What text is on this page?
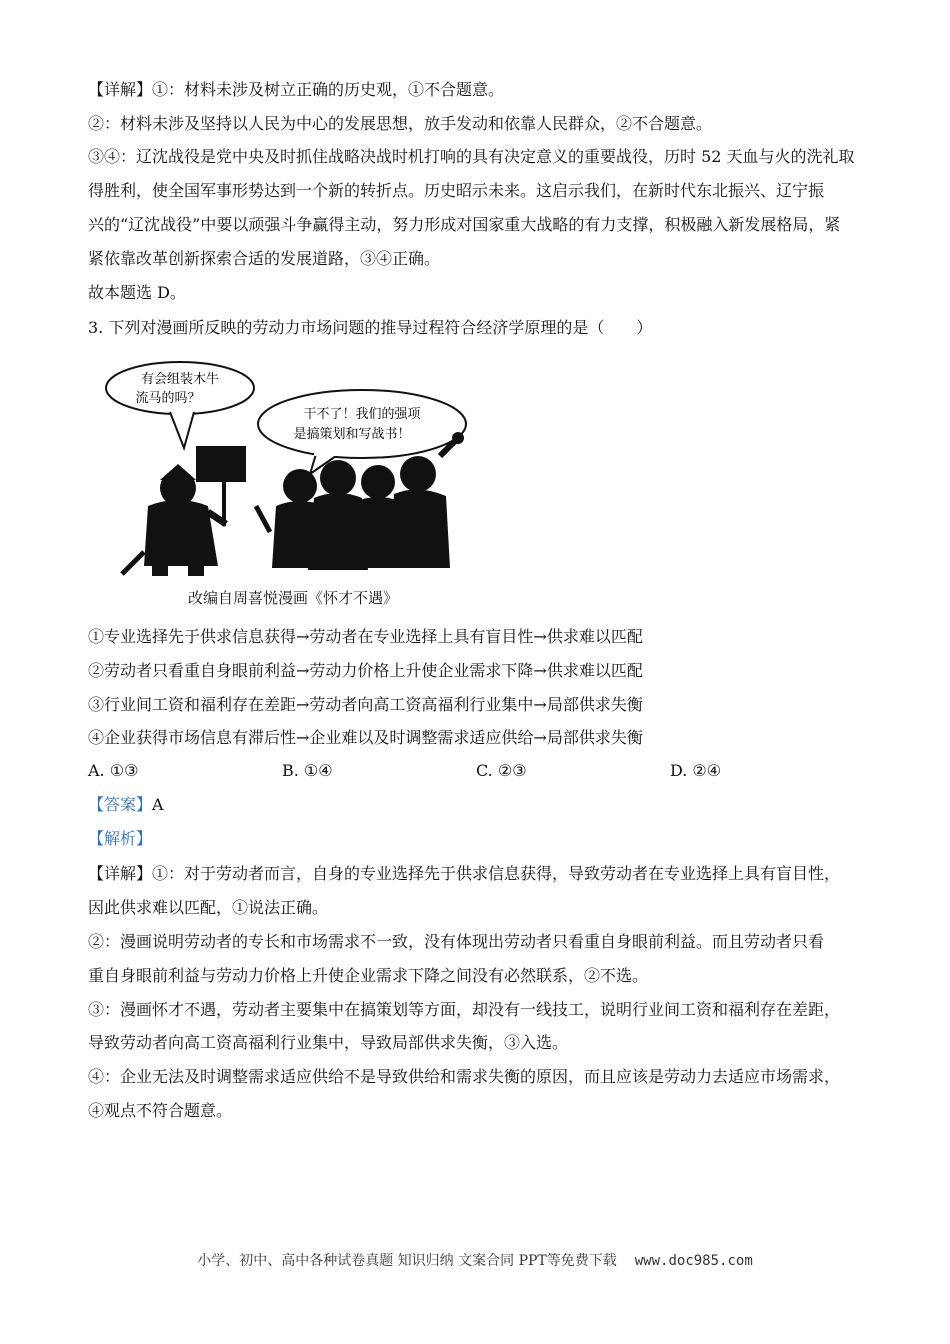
【详解】①：材料未涉及树立正确的历史观，①不合题意。
②：材料未涉及坚持以人民为中心的发展思想，放手发动和依靠人民群众，②不合题意。
③④：辽沈战役是党中央及时抓住战略决战时机打响的具有决定意义的重要战役，历时 52 天血与火的洗礼取
得胜利，使全国军事形势达到一个新的转折点。历史昭示未来。这启示我们，在新时代东北振兴、辽宁振
兴的“辽沈战役”中要以顽强斗争赢得主动，努力形成对国家重大战略的有力支撑，积极融入新发展格局，紧
紧依靠改革创新探索合适的发展道路，③④正确。
故本题选 D。
3. 下列对漫画所反映的劳动力市场问题的推导过程符合经济学原理的是（　　）
有会组装木牛
流马的吗？
干不了！我们的强项
是搞策划和写战书！
改编自周喜悦漫画《怀才不遇》
①专业选择先于供求信息获得→劳动者在专业选择上具有盲目性→供求难以匹配
②劳动者只看重自身眼前利益→劳动力价格上升使企业需求下降→供求难以匹配
③行业间工资和福利存在差距→劳动者向高工资高福利行业集中→局部供求失衡
④企业获得市场信息有滞后性→企业难以及时调整需求适应供给→局部供求失衡
A. ①③	B. ①④	C. ②③	D. ②④
【答案】A
【解析】
【详解】①：对于劳动者而言，自身的专业选择先于供求信息获得，导致劳动者在专业选择上具有盲目性，
因此供求难以匹配，①说法正确。
②：漫画说明劳动者的专长和市场需求不一致，没有体现出劳动者只看重自身眼前利益。而且劳动者只看
重自身眼前利益与劳动力价格上升使企业需求下降之间没有必然联系，②不选。
③：漫画怀才不遇，劳动者主要集中在搞策划等方面，却没有一线技工，说明行业间工资和福利存在差距，
导致劳动者向高工资高福利行业集中，导致局部供求失衡，③入选。
④：企业无法及时调整需求适应供给不是导致供给和需求失衡的原因，而且应该是劳动力去适应市场需求，
④观点不符合题意。
小学、初中、高中各种试卷真题 知识归纳 文案合同 PPT等免费下载 www.doc985.com
